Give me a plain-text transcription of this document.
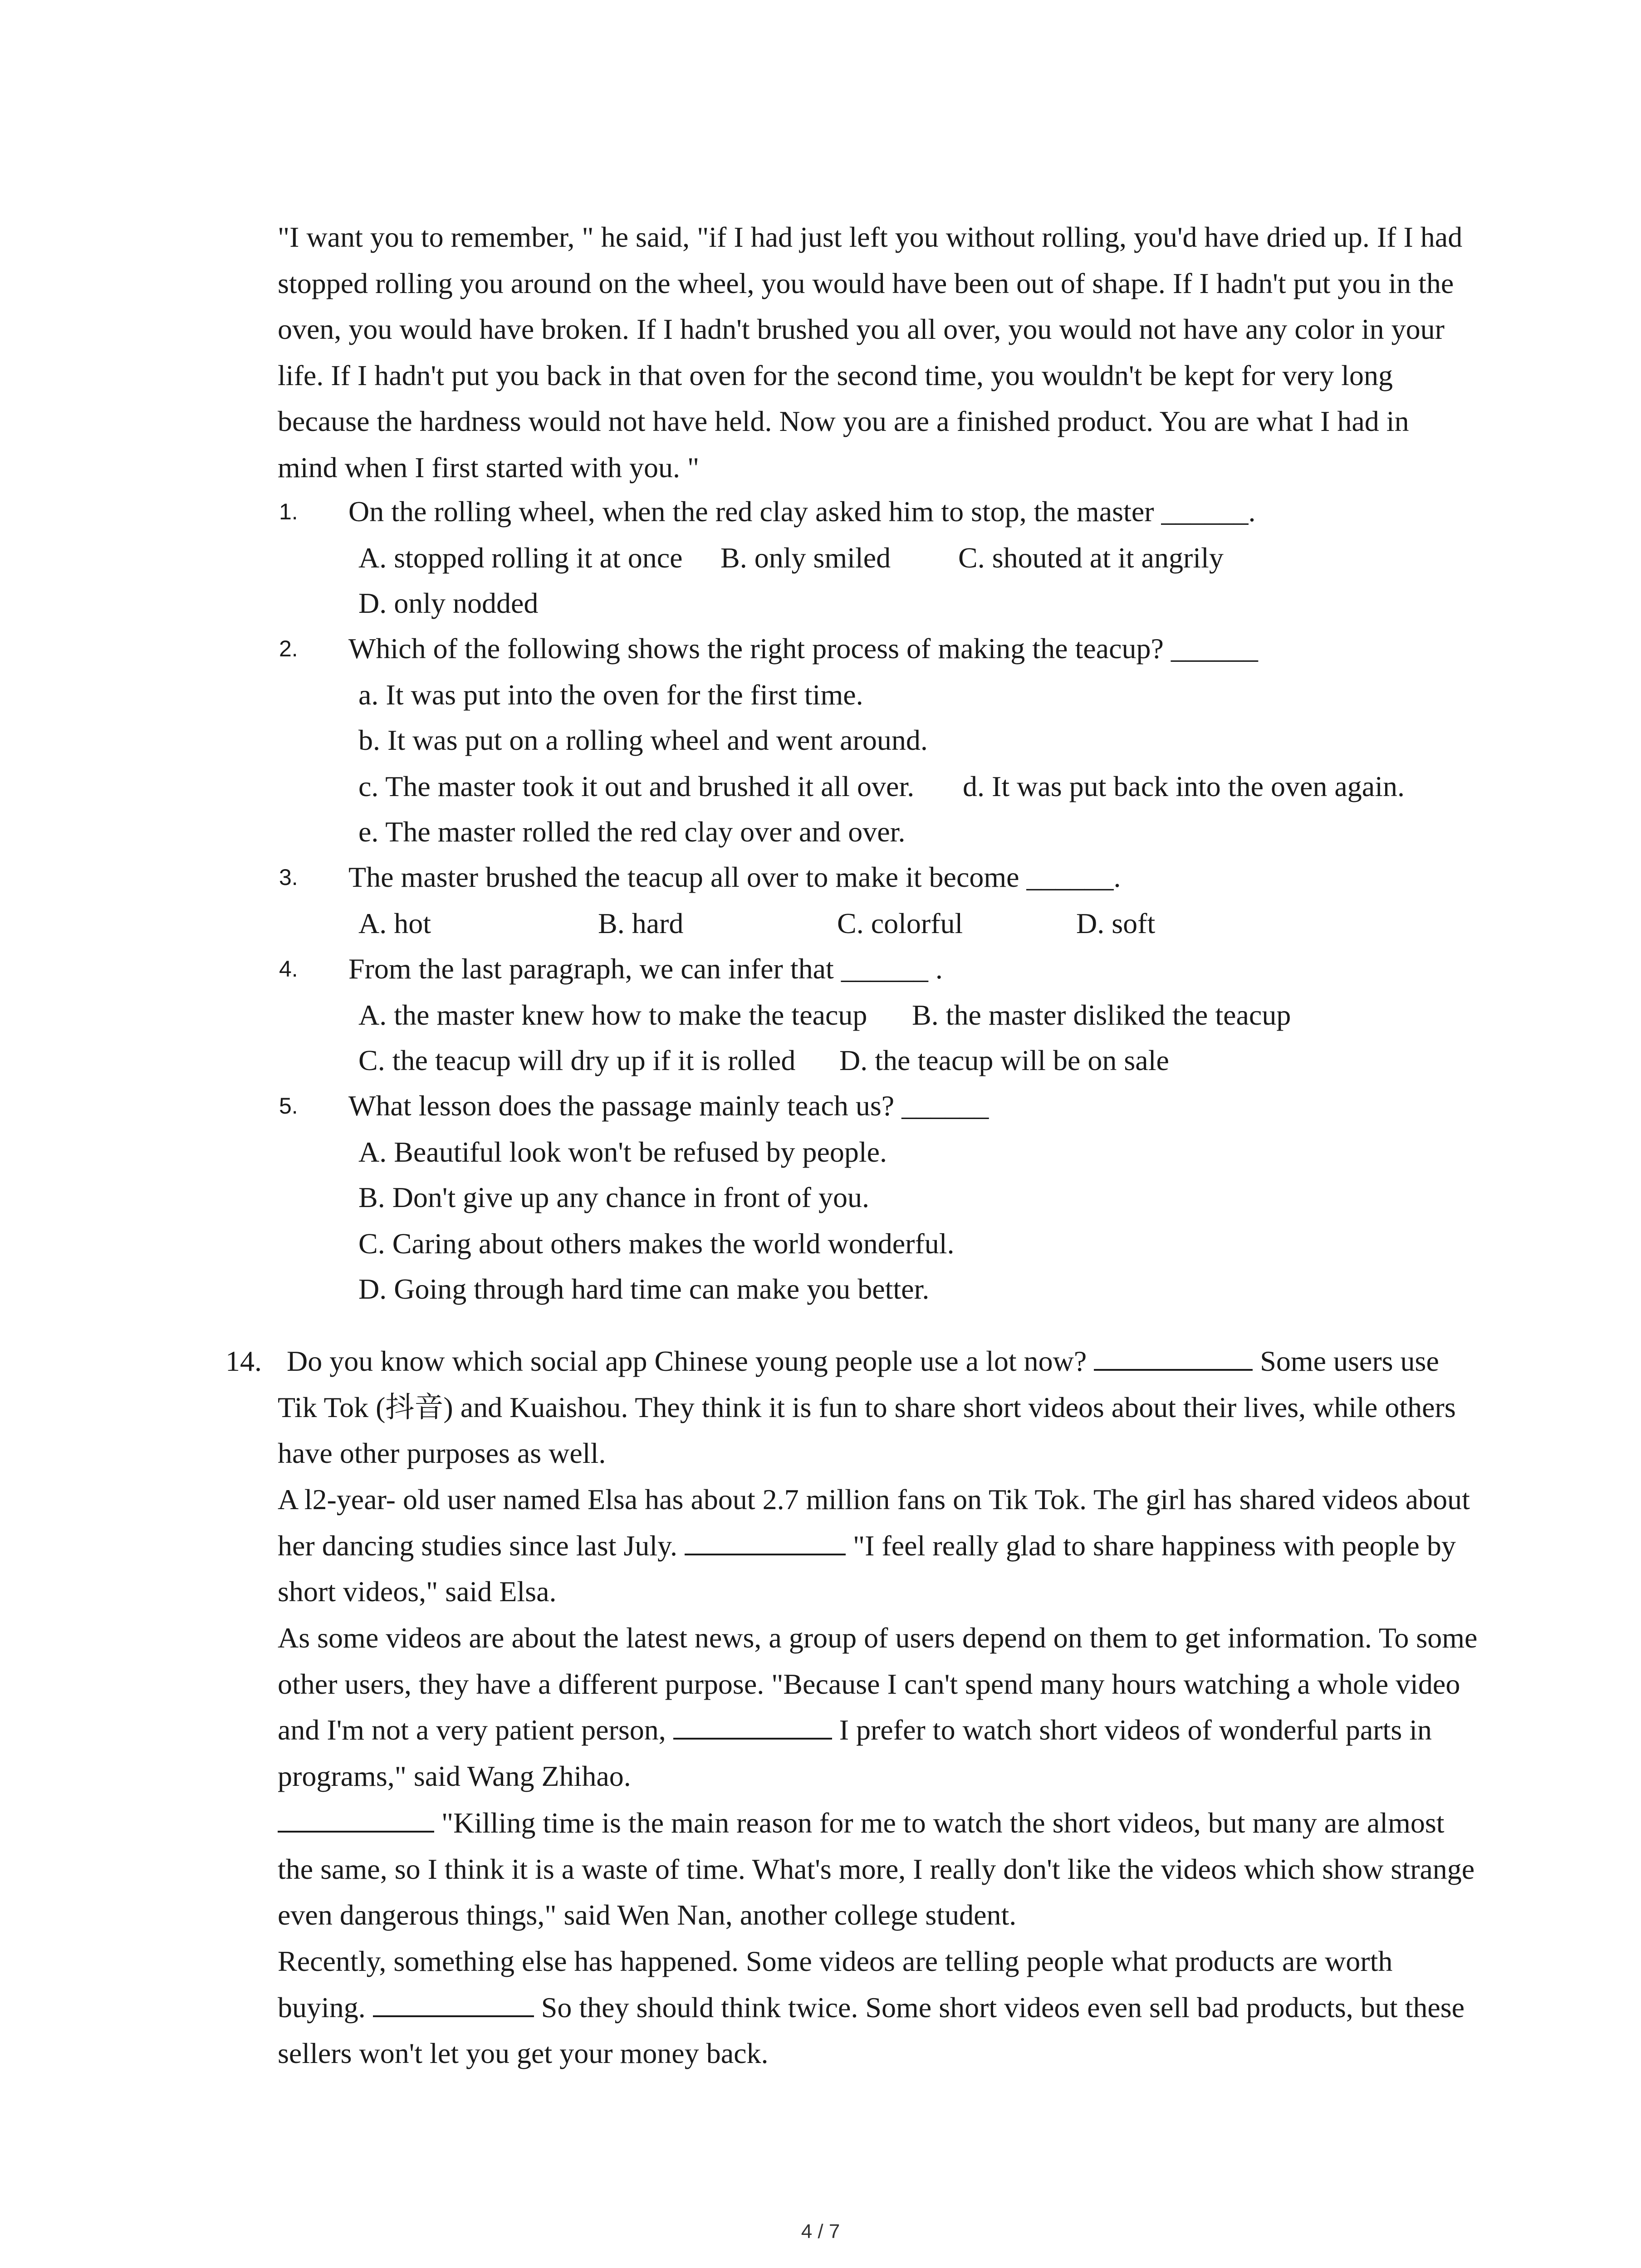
"I want you to remember, " he said, "if I had just left you without rolling, you'd have dried up. If I had stopped rolling you around on the wheel, you would have been out of shape. If I hadn't put you in the oven, you would have broken. If I hadn't brushed you all over, you would not have any color in your life. If I hadn't put you back in that oven for the second time, you wouldn't be kept for very long because the hardness would not have held. Now you are a finished product. You are what I had in mind when I first started with you. "

1. On the rolling wheel, when the red clay asked him to stop, the master ______.
A. stopped rolling it at once B. only smiled C. shouted at it angrily
D. only nodded
2. Which of the following shows the right process of making the teacup? ______
a. It was put into the oven for the first time.
b. It was put on a rolling wheel and went around.
c. The master took it out and brushed it all over. d. It was put back into the oven again.
e. The master rolled the red clay over and over.
3. The master brushed the teacup all over to make it become ______.
A. hot	B. hard	C. colorful	D. soft
4. From the last paragraph, we can infer that ______ .
A. the master knew how to make the teacup B. the master disliked the teacup
C. the teacup will dry up if it is rolled D. the teacup will be on sale
5. What lesson does the passage mainly teach us? ______
A. Beautiful look won't be refused by people.
B. Don't give up any chance in front of you.
C. Caring about others makes the world wonderful.
D. Going through hard time can make you better.
14. Do you know which social app Chinese young people use a lot now?	Some users use Tik Tok (抖音) and Kuaishou. They think it is fun to share short videos about their lives, while others have other purposes as well.

A l2-year- old user named Elsa has about 2.7 million fans on Tik Tok. The girl has shared videos about her dancing studies since last July.	"I feel really glad to share happiness with people by short videos," said Elsa.

As some videos are about the latest news, a group of users depend on them to get information. To some other users, they have a different purpose. "Because I can't spend many hours watching a whole video and I'm not a very patient person,	I prefer to watch short videos of wonderful parts in programs," said Wang Zhihao.

"Killing time is the main reason for me to watch the short videos, but many are almost the same, so I think it is a waste of time. What's more, I really don't like the videos which show strange even dangerous things," said Wen Nan, another college student.

Recently, something else has happened. Some videos are telling people what products are worth buying.	So they should think twice. Some short videos even sell bad products, but these sellers won't let you get your money back.

4 / 7
